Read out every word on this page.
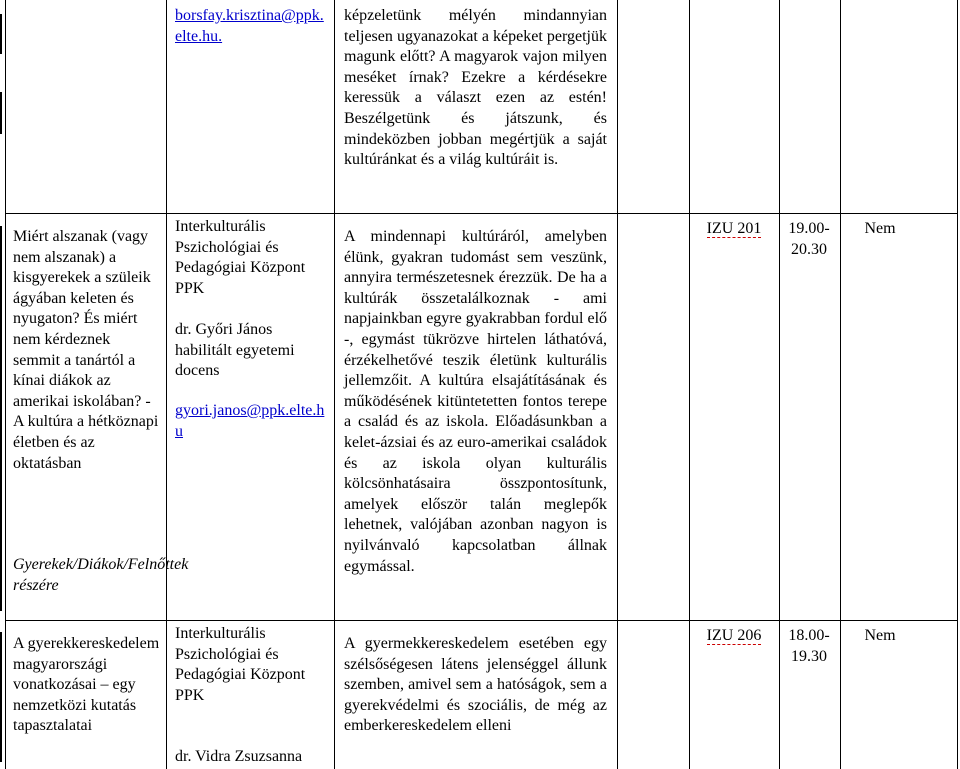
borsfay.krisztina@ppk.elte.hu.
képzeletünk mélyén mindannyian teljesen ugyanazokat a képeket pergetjük magunk előtt? A magyarok vajon milyen meséket írnak? Ezekre a kérdésekre keressük a választ ezen az estén! Beszélgetünk és játszunk, és mindeközben jobban megértjük a saját kultúránkat és a világ kultúráit is.
Miért alszanak (vagy nem alszanak) a kisgyerekek a szüleik ágyában keleten és nyugaton? És miért nem kérdeznek semmit a tanártól a kínai diákok az amerikai iskolában? - A kultúra a hétköznapi életben és az oktatásban
Gyerekek/Diákok/Felnőttek részére
Interkulturális Pszichológiai és Pedagógiai Központ PPK
dr. Győri János habilitált egyetemi docens
gyori.janos@ppk.elte.hu
A mindennapi kultúráról, amelyben élünk, gyakran tudomást sem veszünk, annyira természetesnek érezzük. De ha a kultúrák összetalálkoznak - ami napjainkban egyre gyakrabban fordul elő -, egymást tükrözve hirtelen láthatóvá, érzékelhetővé teszik életünk kulturális jellemzőit. A kultúra elsajátításának és működésének kitüntetetten fontos terepe a család és az iskola. Előadásunkban a kelet-ázsiai és az euro-amerikai családok és az iskola olyan kulturális kölcsönhatásaira összpontosítunk, amelyek először talán meglepők lehetnek, valójában azonban nagyon is nyilvánvaló kapcsolatban állnak egymással.
IZU 201	19.00-20.30
Nem
A gyerekkereskedelem magyarországi vonatkozásai – egy nemzetközi kutatás tapasztalatai
Interkulturális Pszichológiai és Pedagógiai Központ PPK
dr. Vidra Zsuzsanna
A gyermekkereskedelem esetében egy szélsőségesen látens jelenséggel állunk szemben, amivel sem a hatóságok, sem a gyerekvédelmi és szociális, de még az emberkereskedelem elleni
IZU 206	18.00-19.30
Nem
